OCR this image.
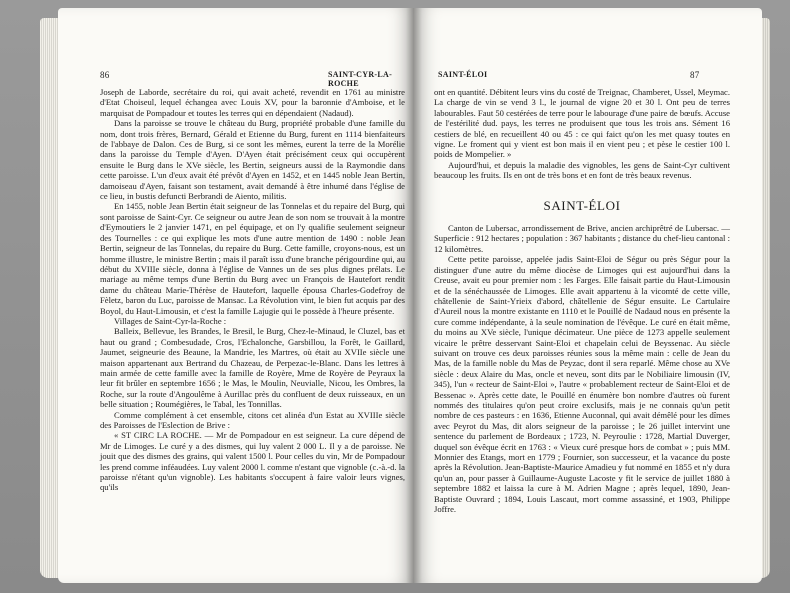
86	SAINT-CYR-LA-ROCHE

Joseph de Laborde, secrétaire du roi, qui avait acheté, revendit en 1761 au ministre d'Etat Choiseul, lequel échangea avec Louis XV, pour la baronnie d'Amboise, et le marquisat de Pompadour et toutes les terres qui en dépendaient (Nadaud).

Dans la paroisse se trouve le château du Burg, propriété probable d'une famille du nom, dont trois frères, Bernard, Gérald et Etienne du Burg, furent en 1114 bienfaiteurs de l'abbaye de Dalon. Ces de Burg, si ce sont les mêmes, eurent la terre de la Morélie dans la paroisse du Temple d'Ayen. D'Ayen était précisément ceux qui occupèrent ensuite le Burg dans le XVe siècle, les Bertin, seigneurs aussi de la Raymondie dans cette paroisse. L'un d'eux avait été prévôt d'Ayen en 1452, et en 1445 noble Jean Bertin, damoiseau d'Ayen, faisant son testament, avait demandé à être inhumé dans l'église de ce lieu, in bustis defuncti Berbrandi de Aiento, militis.

En 1455, noble Jean Bertin était seigneur de las Tonnelas et du repaire del Burg, qui sont paroisse de Saint-Cyr. Ce seigneur ou autre Jean de son nom se trouvait à la montre d'Eymoutiers le 2 janvier 1471, en pel équipage, et on l'y qualifie seulement seigneur des Tournelles : ce qui explique les mots d'une autre mention de 1490 : noble Jean Bertin, seigneur de las Tonnelas, du repaire du Burg. Cette famille, croyons-nous, est un homme illustre, le ministre Bertin ; mais il paraît issu d'une branche périgourdine qui, au début du XVIIIe siècle, donna à l'église de Vannes un de ses plus dignes prélats. Le mariage au même temps d'une Bertin du Burg avec un François de Hautefort rendit dame du château Marie-Thérèse de Hautefort, laquelle épousa Charles-Godefroy de Fèletz, baron du Luc, paroisse de Mansac. La Révolution vint, le bien fut acquis par des Boyol, du Haut-Limousin, et c'est la famille Lajugie qui le possède à l'heure présente.

Villages de Saint-Cyr-la-Roche :

Balleix, Bellevue, les Brandes, le Bresil, le Burg, Chez-le-Minaud, le Cluzel, bas et haut ou grand ; Combesudade, Cros, l'Echalonche, Garsbillou, la Forêt, le Gaillard, Jaumet, seigneurie des Beaune, la Mandrie, les Martres, où était au XVIIe siècle une maison appartenant aux Bertrand du Chazeau, de Perpezac-le-Blanc. Dans les lettres à main armée de cette famille avec la famille de Royère, Mme de Royère de Peyraux la leur fit brûler en septembre 1656 ; le Mas, le Moulin, Neuvialle, Nicou, les Ombres, la Roche, sur la route d'Angoulême à Aurillac près du confluent de deux ruisseaux, en un belle situation ; Roumégières, le Tabal, les Tonnillas.

Comme complément à cet ensemble, citons cet alinéa d'un Estat au XVIIIe siècle des Paroisses de l'Eslection de Brive :

« ST CIRC LA ROCHE. — Mr de Pompadour en est seigneur. La cure dépend de Mr de Limoges. Le curé y a des dismes, qui luy valent 2 000 L. Il y a de paroisse. Ne jouit que des dismes des grains, qui valent 1500 l. Pour celles du vin, Mr de Pompadour les prend comme inféaudées. Luy valent 2000 l. comme n'estant que vignoble (c.-à.-d. la paroisse n'étant qu'un vignoble). Les habitants s'occupent à faire valoir leurs vignes, qu'ils

SAINT-ÉLOI	87

ont en quantité. Débitent leurs vins du costé de Treignac, Chamberet, Ussel, Meymac. La charge de vin se vend 3 l., le journal de vigne 20 et 30 l. Ont peu de terres labourables. Faut 50 cestérées de terre pour le labourage d'une paire de bœufs. Accuse de l'estérilité dud. pays, les terres ne produisent que tous les trois ans. Sément 16 cestiers de blé, en recueillent 40 ou 45 : ce qui faict qu'on les met quasy toutes en vigne. Le froment qui y vient est bon mais il en vient peu ; et pèse le cestier 100 l. poids de Mompelier. »

Aujourd'hui, et depuis la maladie des vignobles, les gens de Saint-Cyr cultivent beaucoup les fruits. Ils en ont de très bons et en font de très beaux revenus.

SAINT-ÉLOI

Canton de Lubersac, arrondissement de Brive, ancien archiprêtré de Lubersac. — Superficie : 912 hectares ; population : 367 habitants ; distance du chef-lieu cantonal : 12 kilomètres.

Cette petite paroisse, appelée jadis Saint-Eloi de Ségur ou près Ségur pour la distinguer d'une autre du même diocèse de Limoges qui est aujourd'hui dans la Creuse, avait eu pour premier nom : les Farges. Elle faisait partie du Haut-Limousin et de la sénéchaussée de Limoges. Elle avait appartenu à la vicomté de cette ville, châtellenie de Saint-Yrieix d'abord, châtellenie de Ségur ensuite. Le Cartulaire d'Aureil nous la montre existante en 1110 et le Pouillé de Nadaud nous en présente la cure comme indépendante, à la seule nomination de l'évêque. Le curé en était même, du moins au XVe siècle, l'unique décimateur. Une pièce de 1273 appelle seulement vicaire le prêtre desservant Saint-Eloi et chapelain celui de Beyssenac. Au siècle suivant on trouve ces deux paroisses réunies sous la même main : celle de Jean du Mas, de la famille noble du Mas de Peyzac, dont il sera reparlé. Même chose au XVe siècle : deux Alaire du Mas, oncle et neveu, sont dits par le Nobiliaire limousin (IV, 345), l'un « recteur de Saint-Eloi », l'autre « probablement recteur de Saint-Eloi et de Bessenac ». Après cette date, le Pouillé en énumère bon nombre d'autres où furent nommés des titulaires qu'on peut croire exclusifs, mais je ne connais qu'un petit nombre de ces pasteurs : en 1636, Etienne Auconnal, qui avait démêlé pour les dîmes avec Peyrot du Mas, dit alors seigneur de la paroisse ; le 26 juillet intervint une sentence du parlement de Bordeaux ; 1723, N. Peyroulie : 1728, Martial Duverger, duquel son évêque écrit en 1763 : « Vieux curé presque hors de combat » ; puis MM. Monnier des Etangs, mort en 1779 ; Fournier, son successeur, et la vacance du poste après la Révolution. Jean-Baptiste-Maurice Amadieu y fut nommé en 1855 et n'y dura qu'un an, pour passer à Guillaume-Auguste Lacoste y fit le service de juillet 1880 à septembre 1882 et laissa la cure à M. Adrien Magne ; après lequel, 1890, Jean-Baptiste Ouvrard ; 1894, Louis Lascaut, mort comme assassiné, et 1903, Philippe Joffre.
